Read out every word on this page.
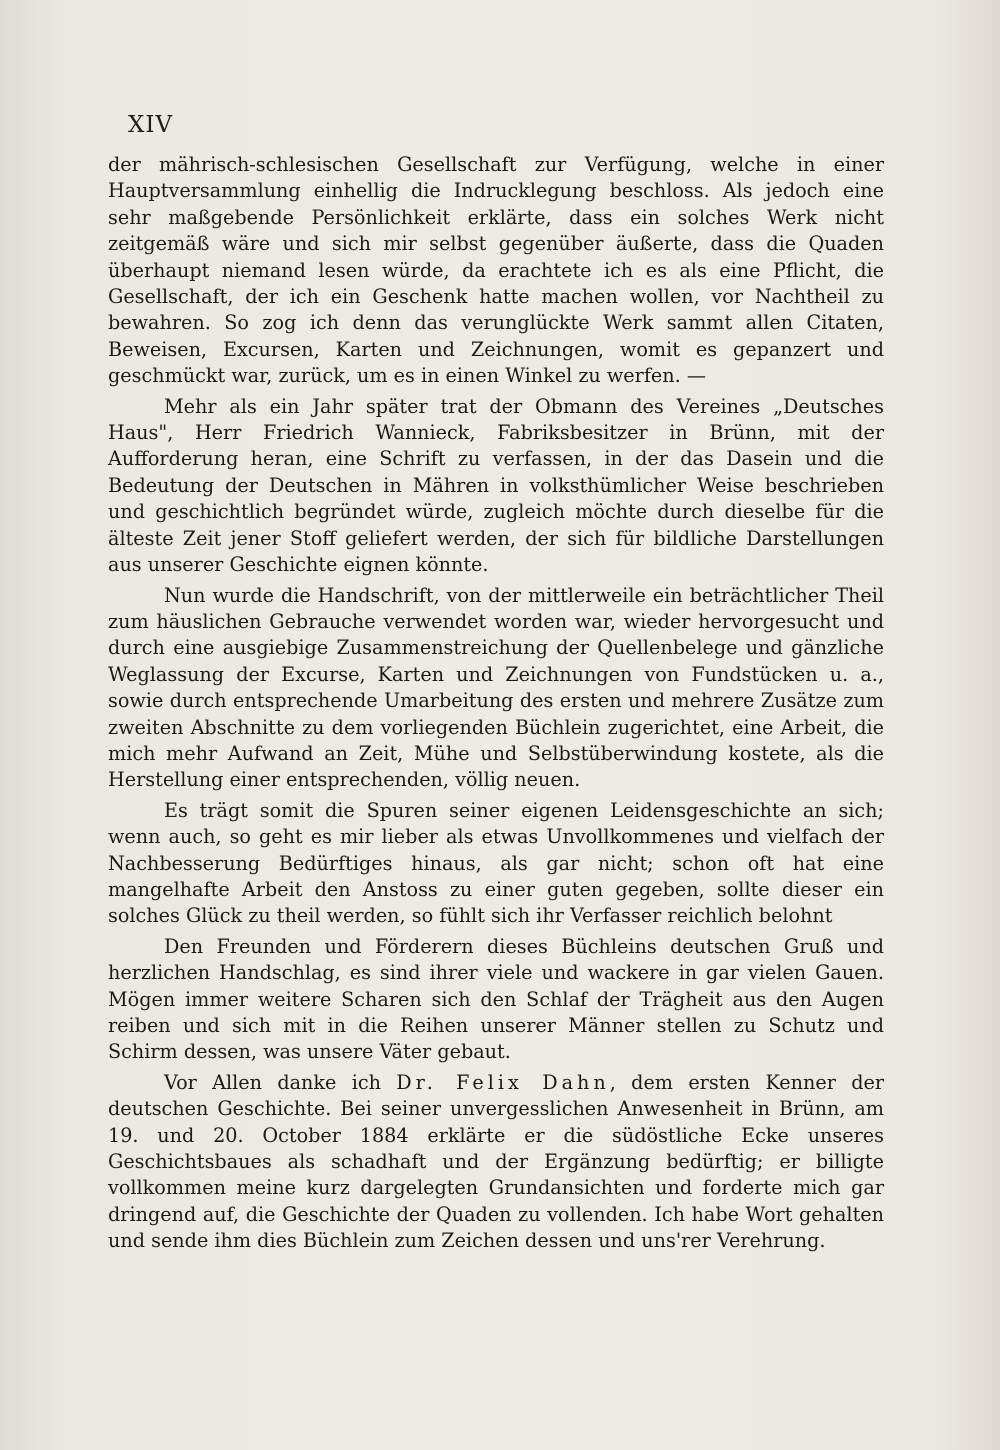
XIV

der mährisch-schlesischen Gesellschaft zur Verfügung, welche in einer Hauptversammlung einhellig die Indrucklegung beschloss. Als jedoch eine sehr maßgebende Persönlichkeit erklärte, dass ein solches Werk nicht zeitgemäß wäre und sich mir selbst gegenüber äußerte, dass die Quaden überhaupt niemand lesen würde, da erachtete ich es als eine Pflicht, die Gesellschaft, der ich ein Geschenk hatte machen wollen, vor Nachtheil zu bewahren. So zog ich denn das verunglückte Werk sammt allen Citaten, Beweisen, Excursen, Karten und Zeichnungen, womit es gepanzert und geschmückt war, zurück, um es in einen Winkel zu werfen. —

Mehr als ein Jahr später trat der Obmann des Vereines „Deutsches Haus", Herr Friedrich Wannieck, Fabriksbesitzer in Brünn, mit der Aufforderung heran, eine Schrift zu verfassen, in der das Dasein und die Bedeutung der Deutschen in Mähren in volksthümlicher Weise beschrieben und geschichtlich begründet würde, zugleich möchte durch dieselbe für die älteste Zeit jener Stoff geliefert werden, der sich für bildliche Darstellungen aus unserer Geschichte eignen könnte.

Nun wurde die Handschrift, von der mittlerweile ein beträchtlicher Theil zum häuslichen Gebrauche verwendet worden war, wieder hervorgesucht und durch eine ausgiebige Zusammenstreichung der Quellenbelege und gänzliche Weglassung der Excurse, Karten und Zeichnungen von Fundstücken u. a., sowie durch entsprechende Umarbeitung des ersten und mehrere Zusätze zum zweiten Abschnitte zu dem vorliegenden Büchlein zugerichtet, eine Arbeit, die mich mehr Aufwand an Zeit, Mühe und Selbstüberwindung kostete, als die Herstellung einer entsprechenden, völlig neuen.

Es trägt somit die Spuren seiner eigenen Leidensgeschichte an sich; wenn auch, so geht es mir lieber als etwas Unvollkommenes und vielfach der Nachbesserung Bedürftiges hinaus, als gar nicht; schon oft hat eine mangelhafte Arbeit den Anstoss zu einer guten gegeben, sollte dieser ein solches Glück zu theil werden, so fühlt sich ihr Verfasser reichlich belohnt

Den Freunden und Förderern dieses Büchleins deutschen Gruß und herzlichen Handschlag, es sind ihrer viele und wackere in gar vielen Gauen. Mögen immer weitere Scharen sich den Schlaf der Trägheit aus den Augen reiben und sich mit in die Reihen unserer Männer stellen zu Schutz und Schirm dessen, was unsere Väter gebaut.

Vor Allen danke ich Dr. Felix Dahn, dem ersten Kenner der deutschen Geschichte. Bei seiner unvergesslichen Anwesenheit in Brünn, am 19. und 20. October 1884 erklärte er die südöstliche Ecke unseres Geschichtsbaues als schadhaft und der Ergänzung bedürftig; er billigte vollkommen meine kurz dargelegten Grundansichten und forderte mich gar dringend auf, die Geschichte der Quaden zu vollenden. Ich habe Wort gehalten und sende ihm dies Büchlein zum Zeichen dessen und uns'rer Verehrung.
